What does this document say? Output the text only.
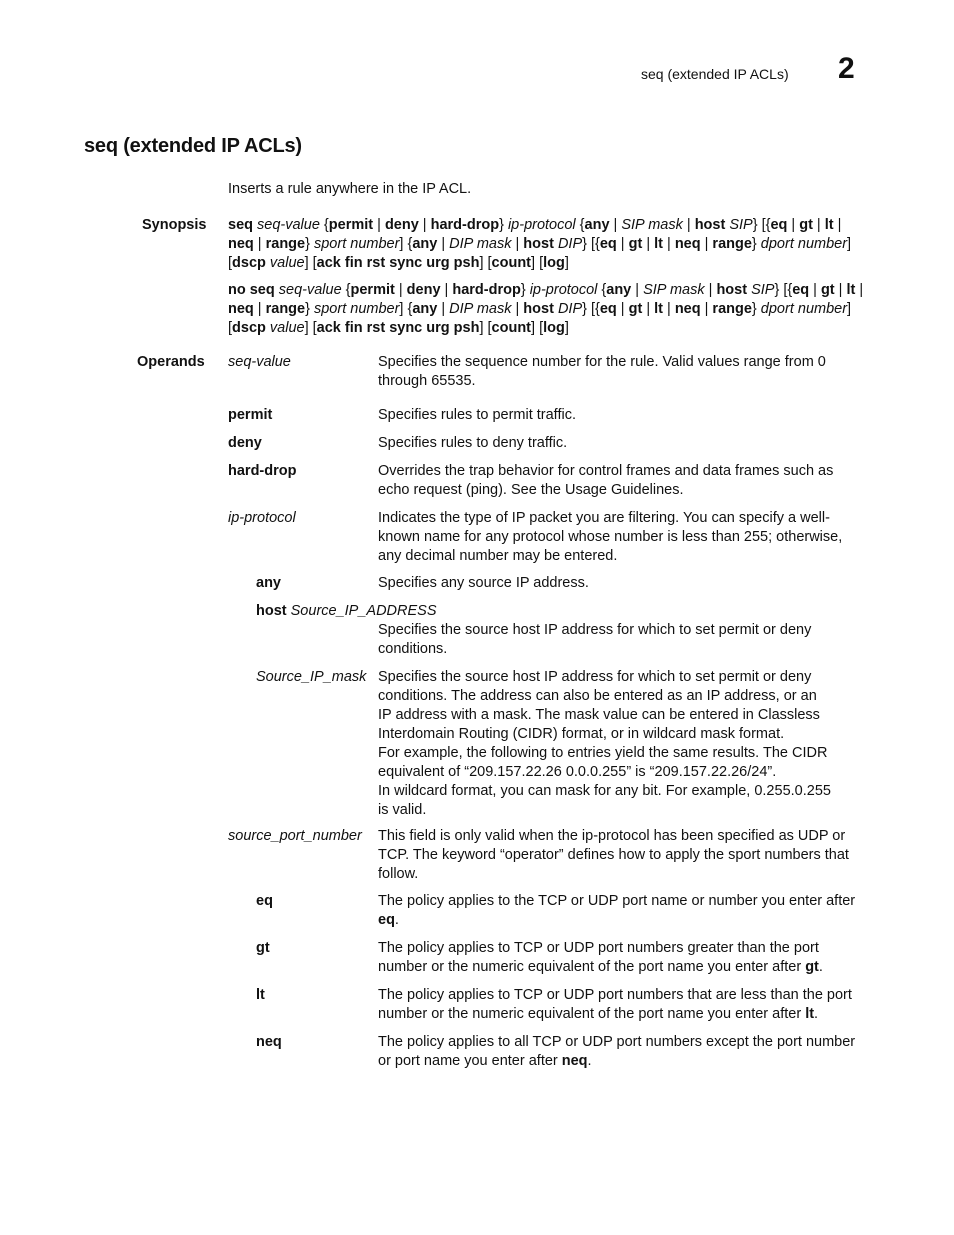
seq (extended IP ACLs) 2
seq (extended IP ACLs)
Inserts a rule anywhere in the IP ACL.
Synopsis seq seq-value {permit | deny | hard-drop} ip-protocol {any | SIP mask | host SIP} [{eq | gt | lt | neq | range} sport number] {any | DIP mask | host DIP} [{eq | gt | lt | neq | range} dport number] [dscp value] [ack fin rst sync urg psh] [count] [log]
no seq seq-value {permit | deny | hard-drop} ip-protocol {any | SIP mask | host SIP} [{eq | gt | lt | neq | range} sport number] {any | DIP mask | host DIP} [{eq | gt | lt | neq | range} dport number] [dscp value] [ack fin rst sync urg psh] [count] [log]
Operands seq-value	Specifies the sequence number for the rule. Valid values range from 0 through 65535.
permit	Specifies rules to permit traffic.
deny	Specifies rules to deny traffic.
hard-drop	Overrides the trap behavior for control frames and data frames such as echo request (ping). See the Usage Guidelines.
ip-protocol	Indicates the type of IP packet you are filtering. You can specify a well-known name for any protocol whose number is less than 255; otherwise, any decimal number may be entered.
any	Specifies any source IP address.
host Source_IP_ADDRESS
Specifies the source host IP address for which to set permit or deny conditions.
Source_IP_mask Specifies the source host IP address for which to set permit or deny
conditions. The address can also be entered as an IP address, or an
IP address with a mask. The mask value can be entered in Classless
Interdomain Routing (CIDR) format, or in wildcard mask format.
For example, the following to entries yield the same results. The CIDR
equivalent of “209.157.22.26 0.0.0.255” is “209.157.22.26/24”.
In wildcard format, you can mask for any bit. For example, 0.255.0.255
is valid.
source_port_number This field is only valid when the ip-protocol has been specified as UDP or TCP. The keyword “operator” defines how to apply the sport numbers that follow.
eq	The policy applies to the TCP or UDP port name or number you enter after eq.
gt	The policy applies to TCP or UDP port numbers greater than the port number or the numeric equivalent of the port name you enter after gt.
lt	The policy applies to TCP or UDP port numbers that are less than the port number or the numeric equivalent of the port name you enter after lt.
neq	The policy applies to all TCP or UDP port numbers except the port number or port name you enter after neq.
